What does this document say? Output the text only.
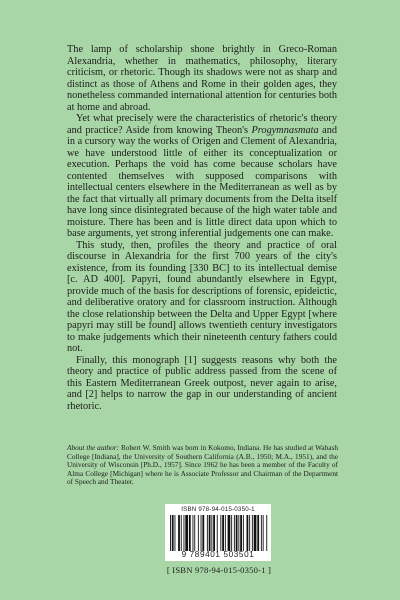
The lamp of scholarship shone brightly in Greco-Roman Alexandria, whether in mathematics, philosophy, literary criticism, or rhetoric. Though its shadows were not as sharp and distinct as those of Athens and Rome in their golden ages, they nonetheless commanded international attention for centuries both at home and abroad.

Yet what precisely were the characteristics of rhetoric's theory and practice? Aside from knowing Theon's Progymnasmata and in a cursory way the works of Origen and Clement of Alexandria, we have understood little of either its conceptualization or execution. Perhaps the void has come because scholars have contented themselves with supposed comparisons with intellectual centers elsewhere in the Mediterranean as well as by the fact that virtually all primary documents from the Delta itself have long since disintegrated because of the high water table and moisture. There has been and is little direct data upon which to base arguments, yet strong inferential judgements one can make.

This study, then, profiles the theory and practice of oral discourse in Alexandria for the first 700 years of the city's existence, from its founding [330 BC] to its intellectual demise [c. AD 400]. Papyri, found abundantly elsewhere in Egypt, provide much of the basis for descriptions of forensic, epideictic, and deliberative oratory and for classroom instruction. Although the close relationship between the Delta and Upper Egypt [where papyri may still be found] allows twentieth century investigators to make judgements which their nineteenth century fathers could not.

Finally, this monograph [1] suggests reasons why both the theory and practice of public address passed from the scene of this Eastern Mediterranean Greek outpost, never again to arise, and [2] helps to narrow the gap in our understanding of ancient rhetoric.

About the author: Robert W. Smith was born in Kokomo, Indiana. He has studied at Wabash College [Indiana], the University of Southern California (A.B., 1950; M.A., 1951), and the University of Wisconsin [Ph.D., 1957]. Since 1962 he has been a member of the Faculty of Alma College [Michigan] where he is Associate Professor and Chairman of the Department of Speech and Theater.
ISBN 978-94-015-0350-1
9 789401 503501
[ ISBN 978-94-015-0350-1 ]
